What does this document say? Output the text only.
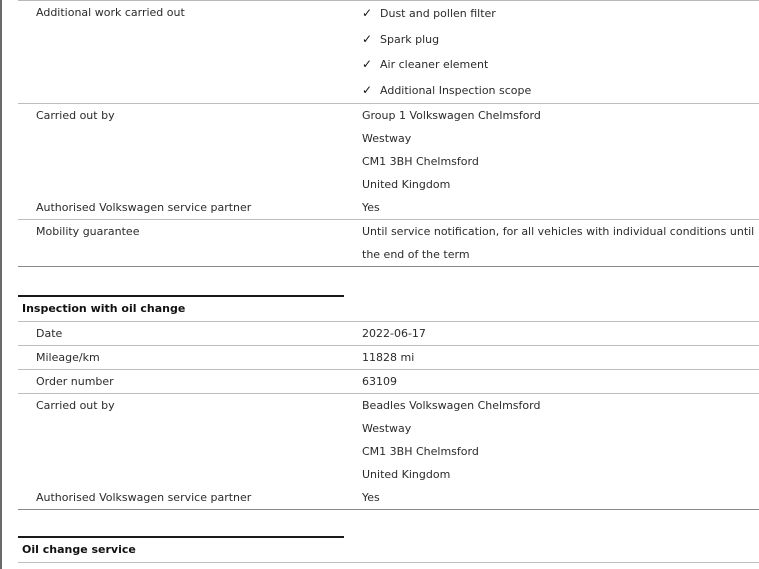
Additional work carried out	✓ Dust and pollen filter
✓ Spark plug
✓ Air cleaner element
✓ Additional Inspection scope
Carried out by	Group 1 Volkswagen Chelmsford
Westway
CM1 3BH Chelmsford
United Kingdom
Authorised Volkswagen service partner	Yes
Mobility guarantee	Until service notification, for all vehicles with individual conditions until the end of the term
Inspection with oil change
Date	2022-06-17
Mileage/km	11828 mi
Order number	63109
Carried out by	Beadles Volkswagen Chelmsford
Westway
CM1 3BH Chelmsford
United Kingdom
Authorised Volkswagen service partner	Yes
Oil change service
